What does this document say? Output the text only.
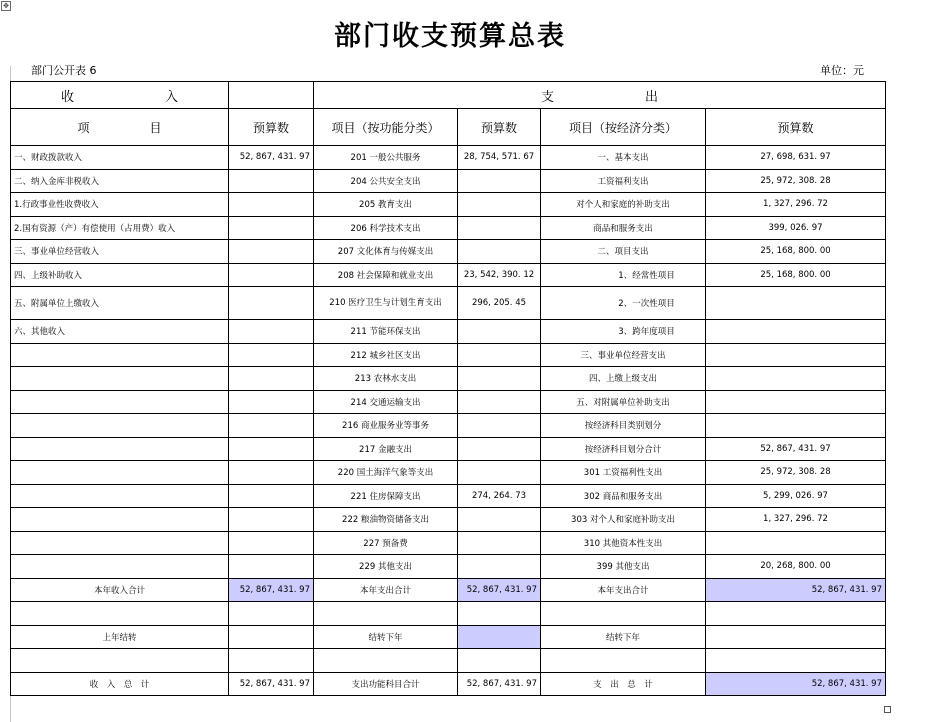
✥
部门收支预算总表
部门公开表 6	单位：元
收　　　　　　　入		支　　　　　　　出			
项　　　　　目	预算数	项目（按功能分类）	预算数	项目（按经济分类）	预算数
一、财政拨款收入	52, 867, 431. 97	201 一般公共服务	28, 754, 571. 67	一、基本支出	27, 698, 631. 97
二、纳入金库非税收入		204 公共安全支出		工资福利支出	25, 972, 308. 28
1.行政事业性收费收入		205 教育支出		对个人和家庭的补助支出	1, 327, 296. 72
2.国有资源（产）有偿使用（占用费）收入		206 科学技术支出		商品和服务支出	399, 026. 97
三、事业单位经营收入		207 文化体育与传媒支出		二、项目支出	25, 168, 800. 00
四、上级补助收入		208 社会保障和就业支出	23, 542, 390. 12	1、经常性项目	25, 168, 800. 00
五、附属单位上缴收入		210 医疗卫生与计划生育支出	296, 205. 45	2、一次性项目	
六、其他收入		211 节能环保支出		3、跨年度项目	
		212 城乡社区支出		三、事业单位经营支出	
		213 农林水支出		四、上缴上级支出	
		214 交通运输支出		五、对附属单位补助支出	
		216 商业服务业等事务		按经济科目类别划分	
		217 金融支出		按经济科目划分合计	52, 867, 431. 97
		220 国土海洋气象等支出		301 工资福利性支出	25, 972, 308. 28
		221 住房保障支出	274, 264. 73	302 商品和服务支出	5, 299, 026. 97
		222 粮油物资储备支出		303 对个人和家庭补助支出	1, 327, 296. 72
		227 预备费		310 其他资本性支出	
		229 其他支出		399 其他支出	20, 268, 800. 00
本年收入合计	52, 867, 431. 97	本年支出合计	52, 867, 431. 97	本年支出合计	52, 867, 431. 97

上年结转		结转下年		结转下年	

收　入　总　计	52, 867, 431. 97	支出功能科目合计	52, 867, 431. 97	支　出　总　计	52, 867, 431. 97
